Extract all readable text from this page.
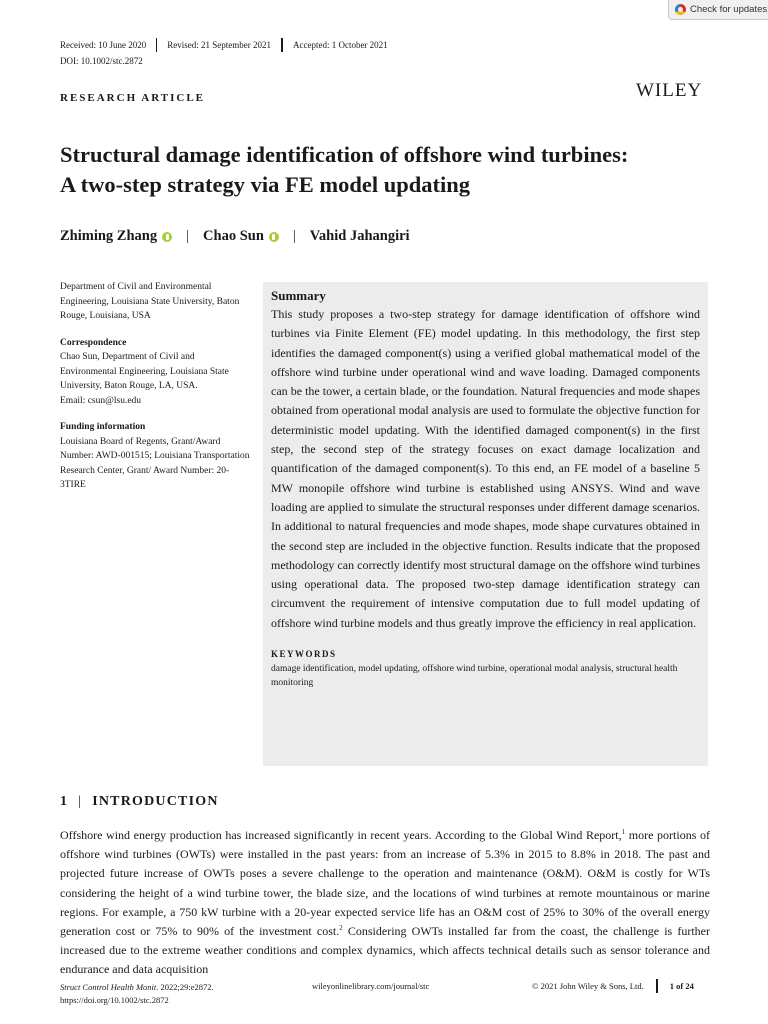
Check for updates
Received: 10 June 2020	Revised: 21 September 2021	Accepted: 1 October 2021
DOI: 10.1002/stc.2872
RESEARCH ARTICLE	WILEY
Structural damage identification of offshore wind turbines:
A two-step strategy via FE model updating
Zhiming Zhang | Chao Sun | Vahid Jahangiri

Department of Civil and Environmental Engineering, Louisiana State University, Baton Rouge, Louisiana, USA

Correspondence
Chao Sun, Department of Civil and Environmental Engineering, Louisiana State University, Baton Rouge, LA, USA.
Email: csun@lsu.edu

Funding information
Louisiana Board of Regents, Grant/Award Number: AWD-001515; Louisiana Transportation Research Center, Grant/ Award Number: 20-3TIRE

Summary

This study proposes a two-step strategy for damage identification of offshore wind turbines via Finite Element (FE) model updating. In this methodology, the first step identifies the damaged component(s) using a verified global mathematical model of the offshore wind turbine under operational wind and wave loading. Damaged components can be the tower, a certain blade, or the foundation. Natural frequencies and mode shapes obtained from operational modal analysis are used to formulate the objective function for deterministic model updating. With the identified damaged component(s) in the first step, the second step of the strategy focuses on exact damage localization and quantification of the damaged component(s). To this end, an FE model of a baseline 5 MW monopile offshore wind turbine is established using ANSYS. Wind and wave loading are applied to simulate the structural responses under different damage scenarios. In additional to natural frequencies and mode shapes, mode shape curvatures obtained in the second step are included in the objective function. Results indicate that the proposed methodology can correctly identify most structural damage on the offshore wind turbines using operational data. The proposed two-step damage identification strategy can circumvent the requirement of intensive computation due to full model updating of offshore wind turbine models and thus greatly improve the efficiency in real application.

KEYWORDS

damage identification, model updating, offshore wind turbine, operational modal analysis, structural health monitoring

1 | INTRODUCTION

Offshore wind energy production has increased significantly in recent years. According to the Global Wind Report,$^1$ more portions of offshore wind turbines (OWTs) were installed in the past years: from an increase of 5.3% in 2015 to 8.8% in 2018. The past and projected future increase of OWTs poses a severe challenge to the operation and maintenance (O&M). O&M is costly for WTs considering the height of a wind turbine tower, the blade size, and the locations of wind turbines at remote mountainous or marine regions. For example, a 750 kW turbine with a 20-year expected service life has an O&M cost of 25% to 30% of the overall energy generation cost or 75% to 90% of the investment cost.$^2$ Considering OWTs installed far from the coast, the challenge is further increased due to the extreme weather conditions and complex dynamics, which affects technical details such as sensor tolerance and endurance and data acquisition

Struct Control Health Monit. 2022;29:e2872.
https://doi.org/10.1002/stc.2872
wileyonlinelibrary.com/journal/stc	© 2021 John Wiley & Sons, Ltd.	1 of 24
